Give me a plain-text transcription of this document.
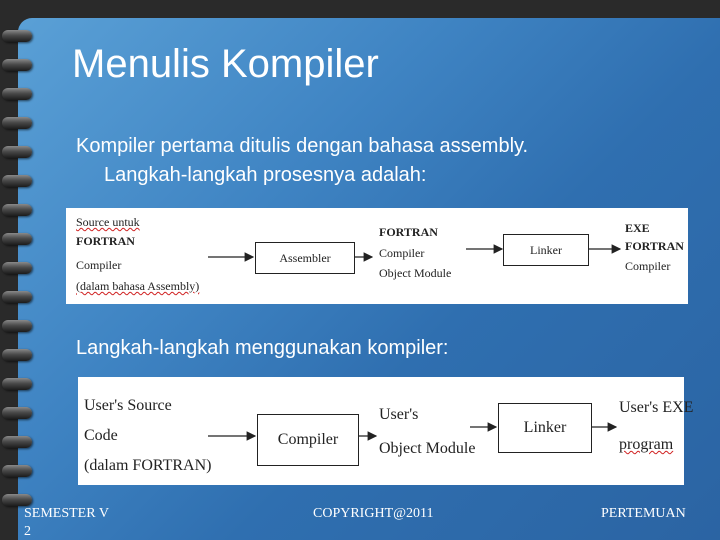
Menulis Kompiler
Kompiler pertama ditulis dengan bahasa assembly.
Langkah-langkah prosesnya adalah:
Source untuk
FORTRAN
Compiler
(dalam bahasa Assembly)
Assembler
FORTRAN
Compiler
Object Module
Linker
EXE
FORTRAN
Compiler
Langkah-langkah menggunakan kompiler:
User's Source
Code
(dalam FORTRAN)
Compiler
User's
Object Module
Linker
User's EXE
program
SEMESTER V
2
COPYRIGHT@2011	PERTEMUAN
